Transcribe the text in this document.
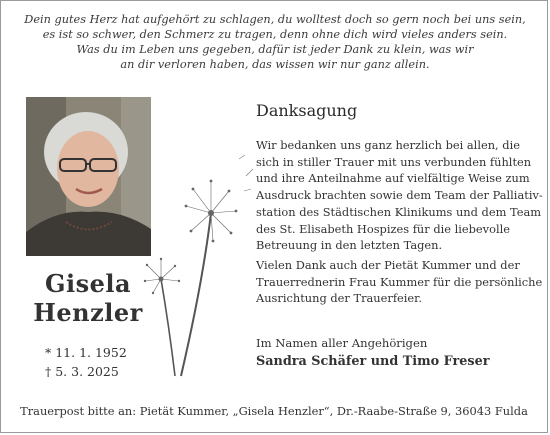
Dein gutes Herz hat aufgehört zu schlagen, du wolltest doch so gern noch bei uns sein,
es ist so schwer, den Schmerz zu tragen, denn ohne dich wird vieles anders sein.
Was du im Leben uns gegeben, dafür ist jeder Dank zu klein, was wir
an dir verloren haben, das wissen wir nur ganz allein.

Gisela
Henzler
* 11. 1. 1952
† 5. 3. 2025
Danksagung

Wir bedanken uns ganz herzlich bei allen, die
sich in stiller Trauer mit uns verbunden fühlten
und ihre Anteilnahme auf vielfältige Weise zum
Ausdruck brachten sowie dem Team der Palliativ-
station des Städtischen Klinikums und dem Team
des St. Elisabeth Hospizes für die liebevolle
Betreuung in den letzten Tagen.

Vielen Dank auch der Pietät Kummer und der
Trauerrednerin Frau Kummer für die persönliche
Ausrichtung der Trauerfeier.

Im Namen aller Angehörigen
Sandra Schäfer und Timo Freser
Trauerpost bitte an: Pietät Kummer, „Gisela Henzler“, Dr.-Raabe-Straße 9, 36043 Fulda
